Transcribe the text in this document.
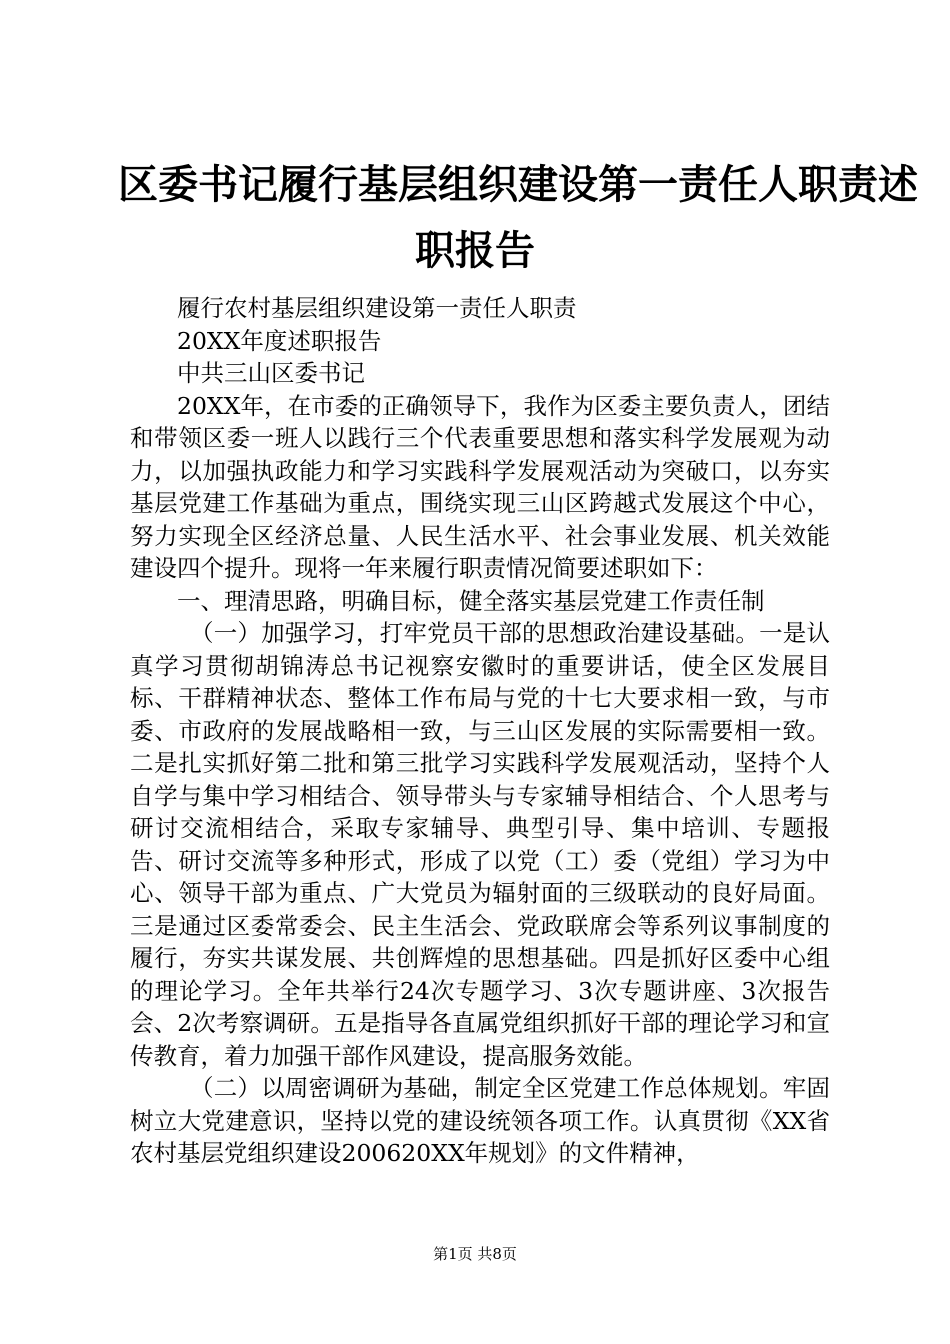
区委书记履行基层组织建设第一责任人职责述
职报告

履行农村基层组织建设第一责任人职责

20XX年度述职报告

中共三山区委书记

20XX年，在市委的正确领导下，我作为区委主要负责人，团结和带领区委一班人以践行三个代表重要思想和落实科学发展观为动力，以加强执政能力和学习实践科学发展观活动为突破口，以夯实基层党建工作基础为重点，围绕实现三山区跨越式发展这个中心，努力实现全区经济总量、人民生活水平、社会事业发展、机关效能建设四个提升。现将一年来履行职责情况简要述职如下：

一、理清思路，明确目标，健全落实基层党建工作责任制

（一）加强学习，打牢党员干部的思想政治建设基础。一是认真学习贯彻胡锦涛总书记视察安徽时的重要讲话，使全区发展目标、干群精神状态、整体工作布局与党的十七大要求相一致，与市委、市政府的发展战略相一致，与三山区发展的实际需要相一致。二是扎实抓好第二批和第三批学习实践科学发展观活动，坚持个人自学与集中学习相结合、领导带头与专家辅导相结合、个人思考与研讨交流相结合，采取专家辅导、典型引导、集中培训、专题报告、研讨交流等多种形式，形成了以党（工）委（党组）学习为中心、领导干部为重点、广大党员为辐射面的三级联动的良好局面。三是通过区委常委会、民主生活会、党政联席会等系列议事制度的履行，夯实共谋发展、共创辉煌的思想基础。四是抓好区委中心组的理论学习。全年共举行24次专题学习、3次专题讲座、3次报告会、2次考察调研。五是指导各直属党组织抓好干部的理论学习和宣传教育，着力加强干部作风建设，提高服务效能。

（二）以周密调研为基础，制定全区党建工作总体规划。牢固树立大党建意识，坚持以党的建设统领各项工作。认真贯彻《XX省农村基层党组织建设200620XX年规划》的文件精神，

第1页 共8页
